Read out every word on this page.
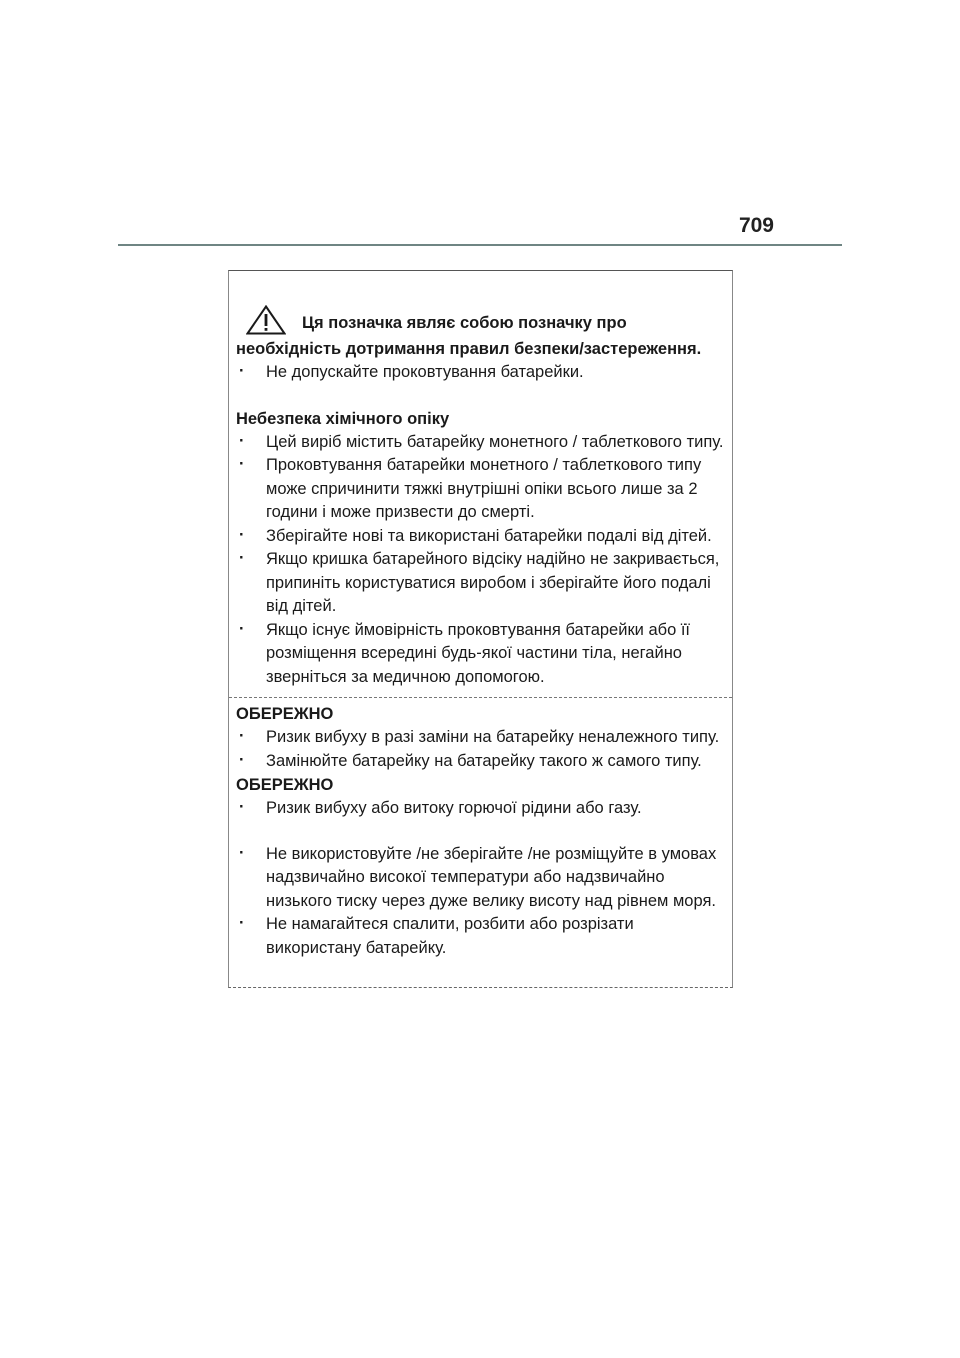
709
Ця позначка являє собою позначку про
необхідність дотримання правил безпеки/застереження.

· Не допускайте проковтування батарейки.

Небезпека хімічного опіку

· Цей виріб містить батарейку монетного / таблеткового типу.

· Проковтування батарейки монетного / таблеткового типу може спричинити тяжкі внутрішні опіки всього лише за 2 години і може призвести до смерті.

· Зберігайте нові та використані батарейки подалі від дітей.

· Якщо кришка батарейного відсіку надійно не закривається, припиніть користуватися виробом і зберігайте його подалі від дітей.

· Якщо існує ймовірність проковтування батарейки або її розміщення всередині будь-якої частини тіла, негайно зверніться за медичною допомогою.

ОБЕРЕЖНО

· Ризик вибуху в разі заміни на батарейку неналежного типу.

· Замінюйте батарейку на батарейку такого ж самого типу.

ОБЕРЕЖНО

· Ризик вибуху або витоку горючої рідини або газу.

· Не використовуйте /не зберігайте /не розміщуйте в умовах надзвичайно високої температури або надзвичайно низького тиску через дуже велику висоту над рівнем моря.

· Не намагайтеся спалити, розбити або розрізати використану батарейку.
